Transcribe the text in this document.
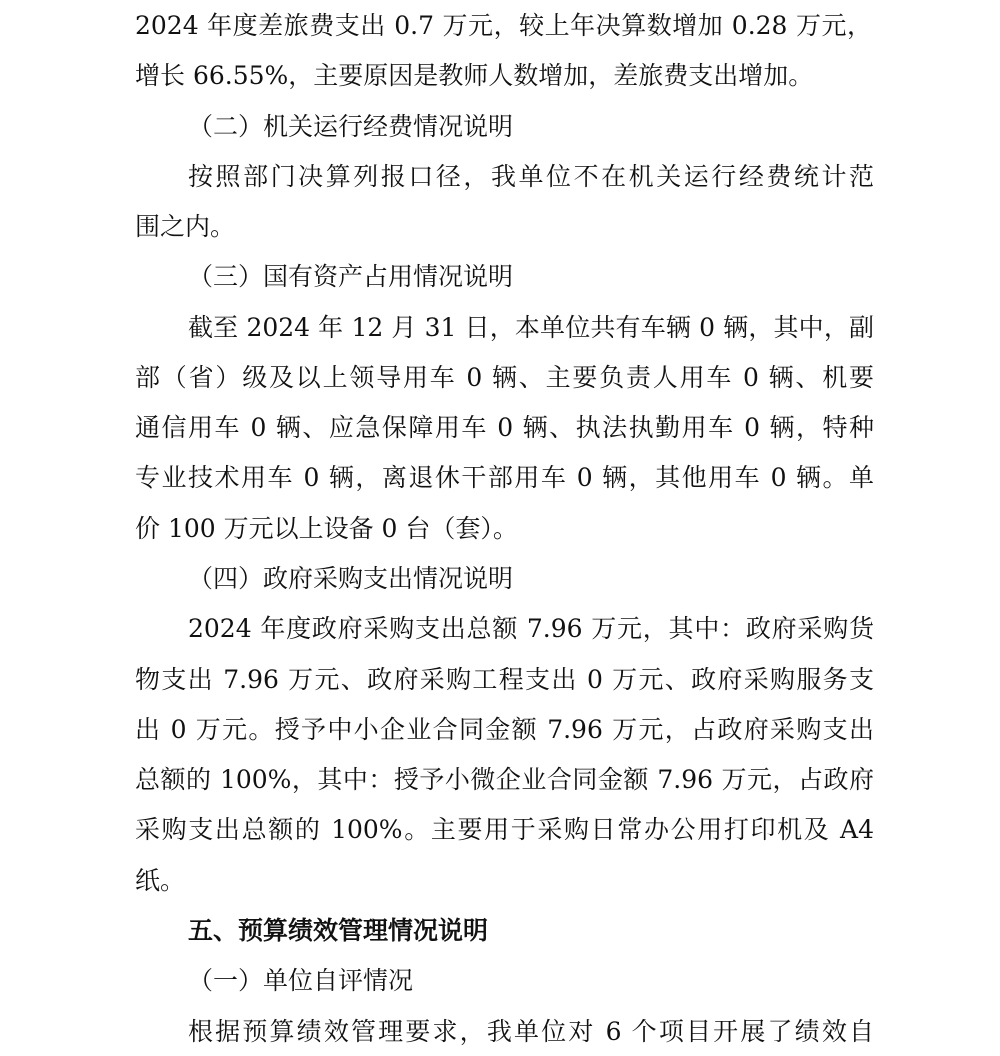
2024 年度差旅费支出 0.7 万元，较上年决算数增加 0.28 万元，
增长 66.55%，主要原因是教师人数增加，差旅费支出增加。
（二）机关运行经费情况说明
按照部门决算列报口径，我单位不在机关运行经费统计范
围之内。
（三）国有资产占用情况说明
截至 2024 年 12 月 31 日，本单位共有车辆 0 辆，其中，副
部（省）级及以上领导用车 0 辆、主要负责人用车 0 辆、机要
通信用车 0 辆、应急保障用车 0 辆、执法执勤用车 0 辆，特种
专业技术用车 0 辆，离退休干部用车 0 辆，其他用车 0 辆。单
价 100 万元以上设备 0 台（套）。
（四）政府采购支出情况说明
2024 年度政府采购支出总额 7.96 万元，其中：政府采购货
物支出 7.96 万元、政府采购工程支出 0 万元、政府采购服务支
出 0 万元。授予中小企业合同金额 7.96 万元，占政府采购支出
总额的 100%，其中：授予小微企业合同金额 7.96 万元，占政府
采购支出总额的 100%。主要用于采购日常办公用打印机及 A4
纸。
五、预算绩效管理情况说明
（一）单位自评情况
根据预算绩效管理要求，我单位对 6 个项目开展了绩效自
